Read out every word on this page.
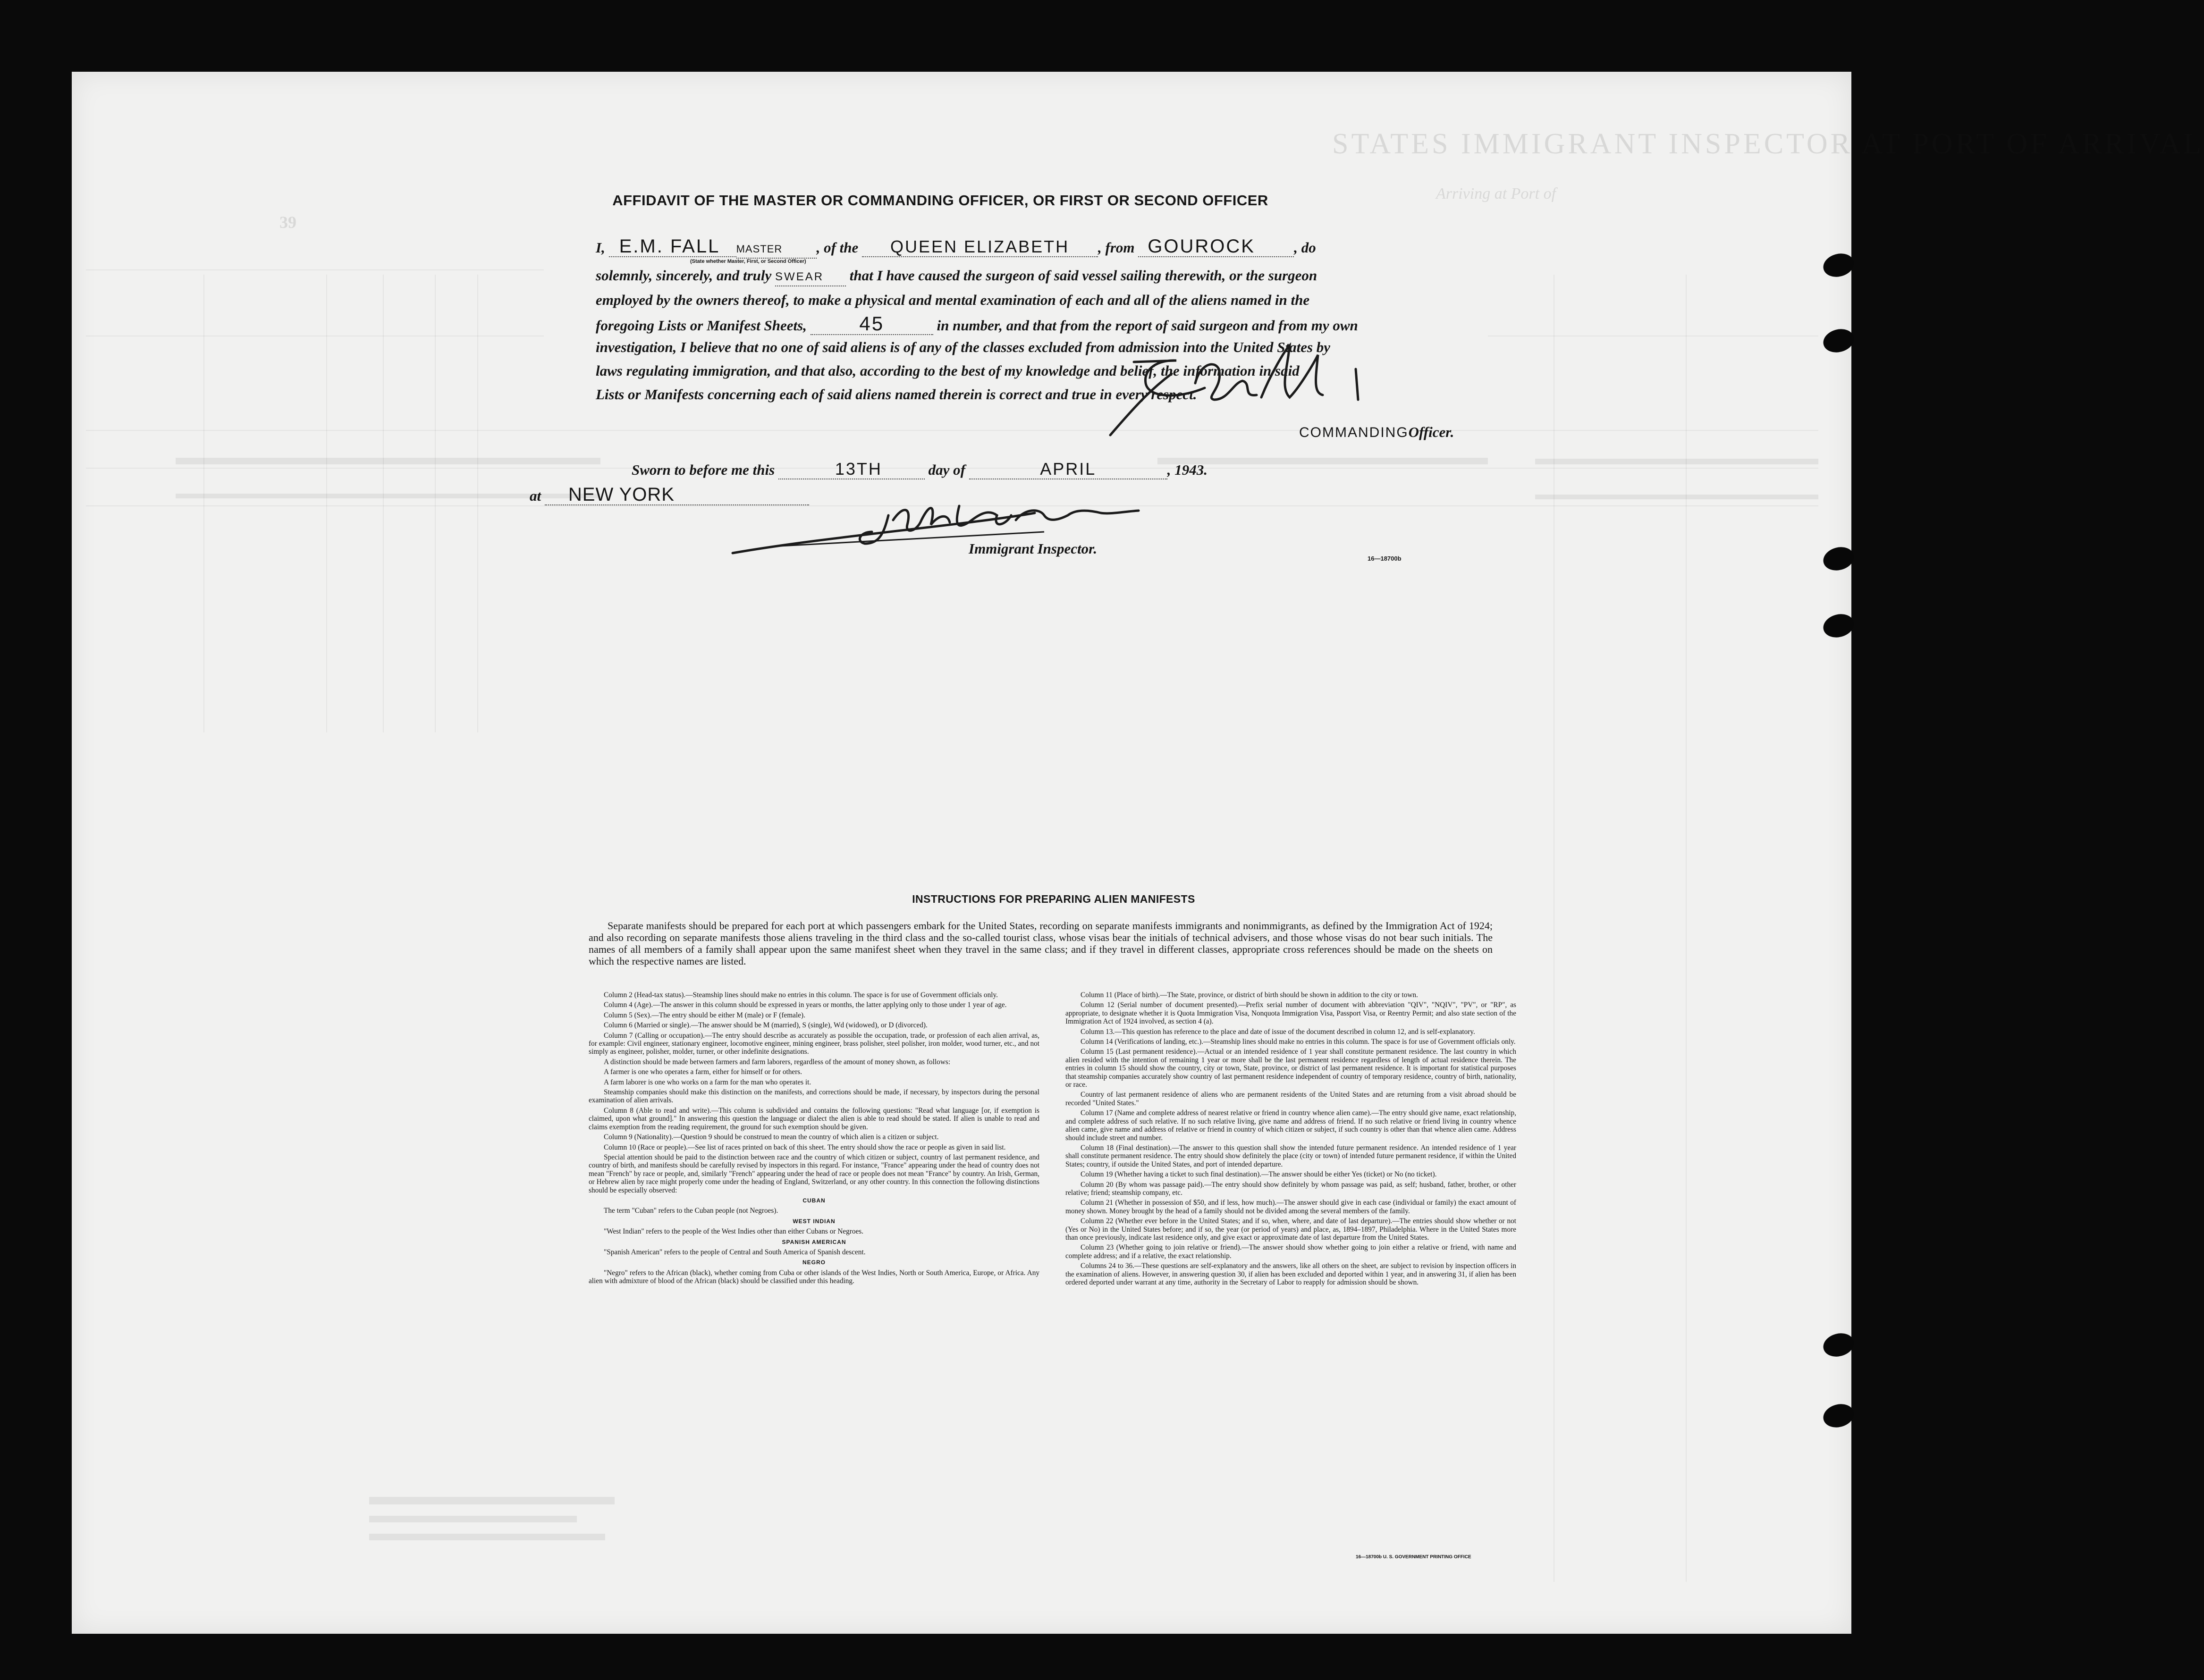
STATES IMMIGRANT INSPECTOR AT PORT OF ARRIVAL
Arriving at Port of
39
AFFIDAVIT OF THE MASTER OR COMMANDING OFFICER, OR FIRST OR SECOND OFFICER
I, E.M. FALL MASTER , of the QUEEN ELIZABETH , from GOUROCK	, do
(State whether Master, First, or Second Officer)
solemnly, sincerely, and truly SWEAR that I have caused the surgeon of said vessel sailing therewith, or the surgeon
employed by the owners thereof, to make a physical and mental examination of each and all of the aliens named in the
foregoing Lists or Manifest Sheets,	45	in number, and that from the report of said surgeon and from my own
investigation, I believe that no one of said aliens is of any of the classes excluded from admission into the United States by
laws regulating immigration, and that also, according to the best of my knowledge and belief, the information in said
Lists or Manifests concerning each of said aliens named therein is correct and true in every respect.
COMMANDINGOfficer.
Sworn to before me this	13TH	day of	APRIL	, 1943.
at NEW YORK
Immigrant Inspector.
16—18700b
INSTRUCTIONS FOR PREPARING ALIEN MANIFESTS
Separate manifests should be prepared for each port at which passengers embark for the United States, recording on separate manifests immigrants and nonimmigrants, as defined by the Immigration Act of 1924; and also recording on separate manifests those aliens traveling in the third class and the so-called tourist class, whose visas bear the initials of technical advisers, and those whose visas do not bear such initials. The names of all members of a family shall appear upon the same manifest sheet when they travel in the same class; and if they travel in different classes, appropriate cross references should be made on the sheets on which the respective names are listed.

Column 2 (Head-tax status).—Steamship lines should make no entries in this column. The space is for use of Government officials only.

Column 4 (Age).—The answer in this column should be expressed in years or months, the latter applying only to those under 1 year of age.

Column 5 (Sex).—The entry should be either M (male) or F (female).

Column 6 (Married or single).—The answer should be M (married), S (single), Wd (widowed), or D (divorced).

Column 7 (Calling or occupation).—The entry should describe as accurately as possible the occupation, trade, or profession of each alien arrival, as, for example: Civil engineer, stationary engineer, locomotive engineer, mining engineer, brass polisher, steel polisher, iron molder, wood turner, etc., and not simply as engineer, polisher, molder, turner, or other indefinite designations.

A distinction should be made between farmers and farm laborers, regardless of the amount of money shown, as follows:

A farmer is one who operates a farm, either for himself or for others.

A farm laborer is one who works on a farm for the man who operates it.

Steamship companies should make this distinction on the manifests, and corrections should be made, if necessary, by inspectors during the personal examination of alien arrivals.

Column 8 (Able to read and write).—This column is subdivided and contains the following questions: "Read what language [or, if exemption is claimed, upon what ground]." In answering this question the language or dialect the alien is able to read should be stated. If alien is unable to read and claims exemption from the reading requirement, the ground for such exemption should be given.

Column 9 (Nationality).—Question 9 should be construed to mean the country of which alien is a citizen or subject.

Column 10 (Race or people).—See list of races printed on back of this sheet. The entry should show the race or people as given in said list.

Special attention should be paid to the distinction between race and the country of which citizen or subject, country of last permanent residence, and country of birth, and manifests should be carefully revised by inspectors in this regard. For instance, "France" appearing under the head of country does not mean "French" by race or people, and, similarly "French" appearing under the head of race or people does not mean "France" by country. An Irish, German, or Hebrew alien by race might properly come under the heading of England, Switzerland, or any other country. In this connection the following distinctions should be especially observed:

CUBAN

The term "Cuban" refers to the Cuban people (not Negroes).

WEST INDIAN

"West Indian" refers to the people of the West Indies other than either Cubans or Negroes.

SPANISH AMERICAN

"Spanish American" refers to the people of Central and South America of Spanish descent.

NEGRO

"Negro" refers to the African (black), whether coming from Cuba or other islands of the West Indies, North or South America, Europe, or Africa. Any alien with admixture of blood of the African (black) should be classified under this heading.

Column 11 (Place of birth).—The State, province, or district of birth should be shown in addition to the city or town.

Column 12 (Serial number of document presented).—Prefix serial number of document with abbreviation "QIV", "NQIV", "PV", or "RP", as appropriate, to designate whether it is Quota Immigration Visa, Nonquota Immigration Visa, Passport Visa, or Reentry Permit; and also state section of the Immigration Act of 1924 involved, as section 4 (a).

Column 13.—This question has reference to the place and date of issue of the document described in column 12, and is self-explanatory.

Column 14 (Verifications of landing, etc.).—Steamship lines should make no entries in this column. The space is for use of Government officials only.

Column 15 (Last permanent residence).—Actual or an intended residence of 1 year shall constitute permanent residence. The last country in which alien resided with the intention of remaining 1 year or more shall be the last permanent residence regardless of length of actual residence therein. The entries in column 15 should show the country, city or town, State, province, or district of last permanent residence. It is important for statistical purposes that steamship companies accurately show country of last permanent residence independent of country of temporary residence, country of birth, nationality, or race.

Country of last permanent residence of aliens who are permanent residents of the United States and are returning from a visit abroad should be recorded "United States."

Column 17 (Name and complete address of nearest relative or friend in country whence alien came).—The entry should give name, exact relationship, and complete address of such relative. If no such relative living, give name and address of friend. If no such relative or friend living in country whence alien came, give name and address of relative or friend in country of which citizen or subject, if such country is other than that whence alien came. Address should include street and number.

Column 18 (Final destination).—The answer to this question shall show the intended future permanent residence. An intended residence of 1 year shall constitute permanent residence. The entry should show definitely the place (city or town) of intended future permanent residence, if within the United States; country, if outside the United States, and port of intended departure.

Column 19 (Whether having a ticket to such final destination).—The answer should be either Yes (ticket) or No (no ticket).

Column 20 (By whom was passage paid).—The entry should show definitely by whom passage was paid, as self; husband, father, brother, or other relative; friend; steamship company, etc.

Column 21 (Whether in possession of $50, and if less, how much).—The answer should give in each case (individual or family) the exact amount of money shown. Money brought by the head of a family should not be divided among the several members of the family.

Column 22 (Whether ever before in the United States; and if so, when, where, and date of last departure).—The entries should show whether or not (Yes or No) in the United States before; and if so, the year (or period of years) and place, as, 1894–1897, Philadelphia. Where in the United States more than once previously, indicate last residence only, and give exact or approximate date of last departure from the United States.

Column 23 (Whether going to join relative or friend).—The answer should show whether going to join either a relative or friend, with name and complete address; and if a relative, the exact relationship.

Columns 24 to 36.—These questions are self-explanatory and the answers, like all others on the sheet, are subject to revision by inspection officers in the examination of aliens. However, in answering question 30, if alien has been excluded and deported within 1 year, and in answering 31, if alien has been ordered deported under warrant at any time, authority in the Secretary of Labor to reapply for admission should be shown.

16—18700b U. S. GOVERNMENT PRINTING OFFICE
